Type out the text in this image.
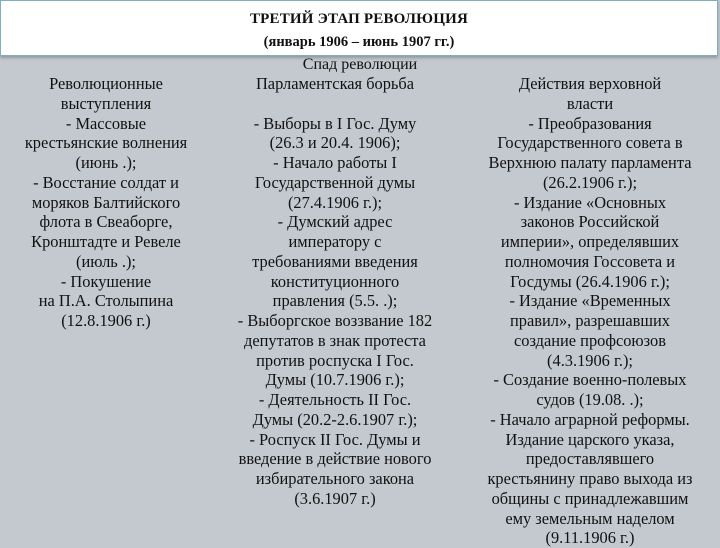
ТРЕТИЙ ЭТАП РЕВОЛЮЦИЯ
(январь 1906 – июнь 1907 гг.)
Спад революции
Революционные
выступления
- Массовые
крестьянские волнения
(июнь .);
- Восстание солдат и
моряков Балтийского
флота в Свеаборге,
Кронштадте и Ревеле
(июль .);
- Покушение
на П.А. Столыпина
(12.8.1906 г.)
Парламентская борьба

- Выборы в I Гос. Думу
(26.3 и 20.4. 1906);
- Начало работы I
Государственной думы
(27.4.1906 г.);
- Думский адрес
императору с
требованиями введения
конституционного
правления (5.5. .);
- Выборгское воззвание 182
депутатов в знак протеста
против роспуска I Гос.
Думы (10.7.1906 г.);
- Деятельность II Гос.
Думы (20.2-2.6.1907 г.);
- Роспуск II Гос. Думы и
введение в действие нового
избирательного закона
(3.6.1907 г.)
Действия верховной
власти
- Преобразования
Государственного совета в
Верхнюю палату парламента
(26.2.1906 г.);
- Издание «Основных
законов Российской
империи», определявших
полномочия Госсовета и
Госдумы (26.4.1906 г.);
- Издание «Временных
правил», разрешавших
создание профсоюзов
(4.3.1906 г.);
- Создание военно-полевых
судов (19.08. .);
- Начало аграрной реформы.
Издание царского указа,
предоставлявшего
крестьянину право выхода из
общины с принадлежавшим
ему земельным наделом
(9.11.1906 г.)
